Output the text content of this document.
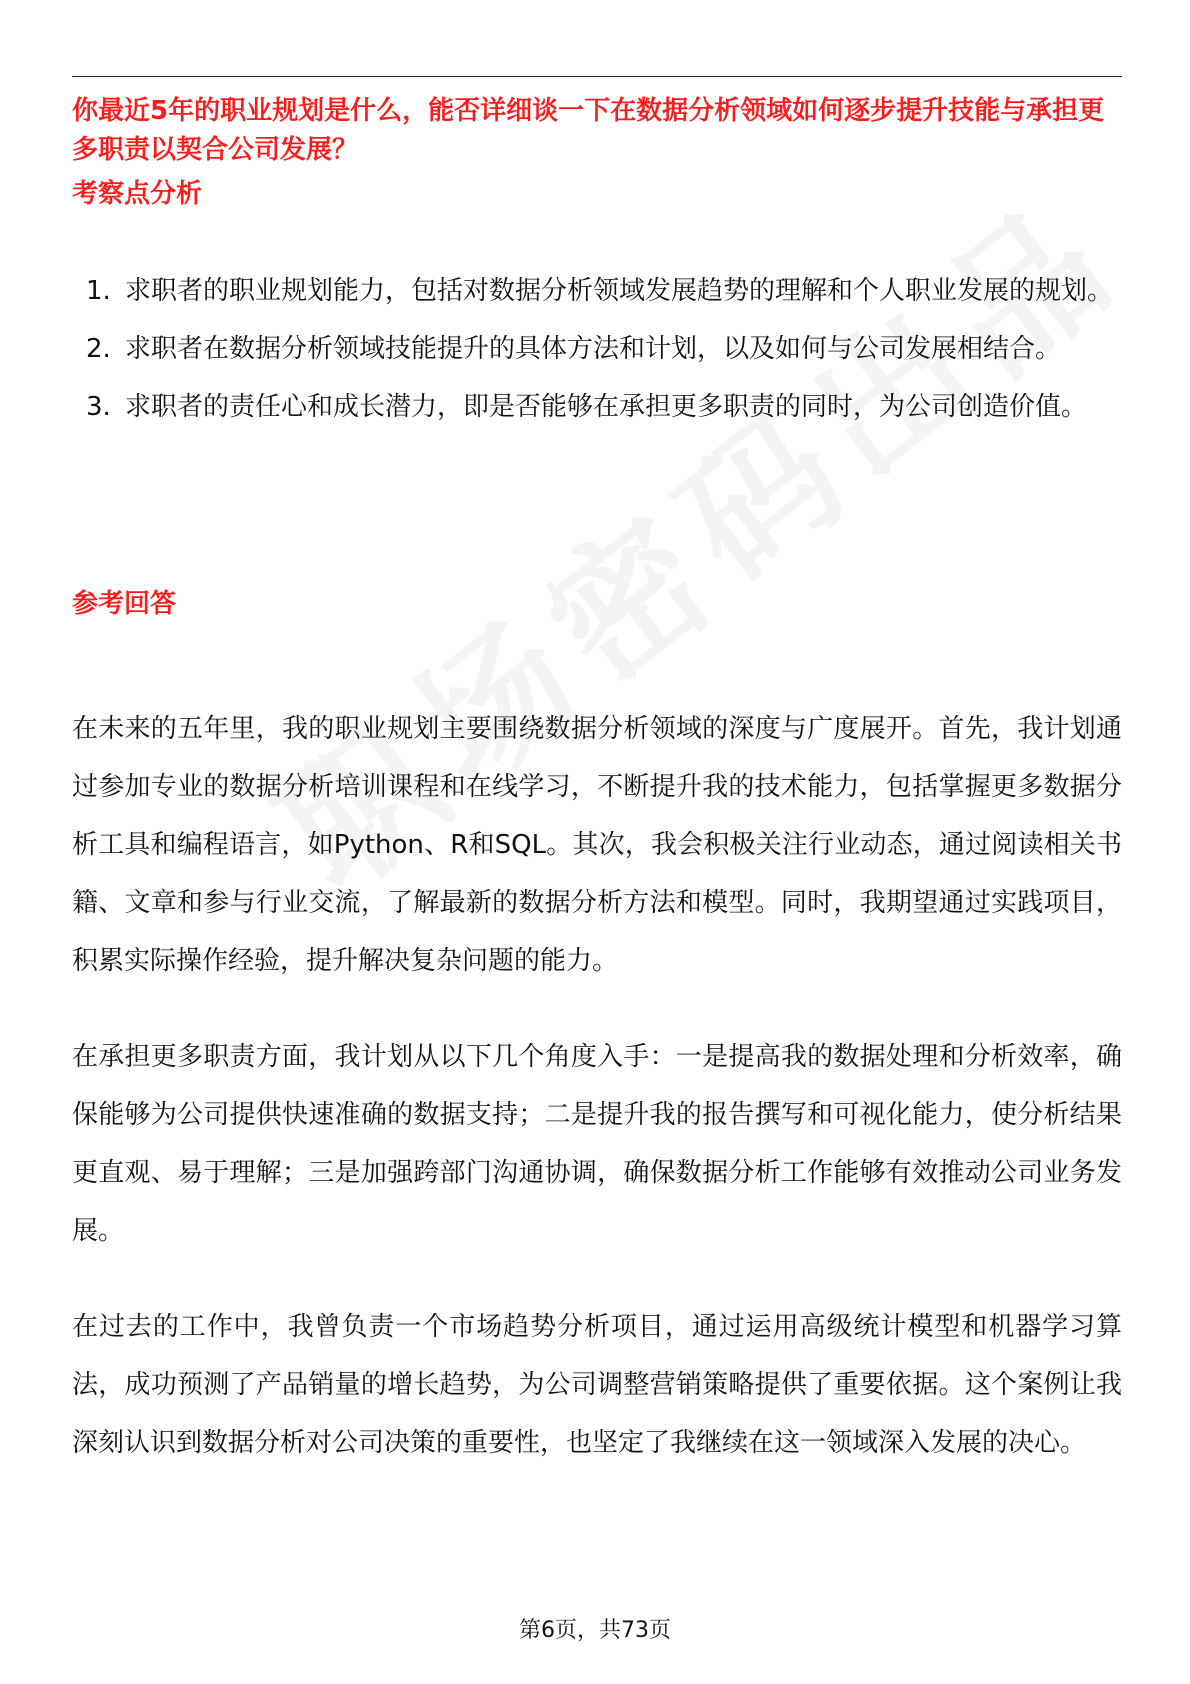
你最近5年的职业规划是什么，能否详细谈一下在数据分析领域如何逐步提升技能与承担更多职责以契合公司发展？
考察点分析
1. 求职者的职业规划能力，包括对数据分析领域发展趋势的理解和个人职业发展的规划。
2. 求职者在数据分析领域技能提升的具体方法和计划，以及如何与公司发展相结合。
3. 求职者的责任心和成长潜力，即是否能够在承担更多职责的同时，为公司创造价值。
参考回答

在未来的五年里，我的职业规划主要围绕数据分析领域的深度与广度展开。首先，我计划通过参加专业的数据分析培训课程和在线学习，不断提升我的技术能力，包括掌握更多数据分析工具和编程语言，如Python、R和SQL。其次，我会积极关注行业动态，通过阅读相关书籍、文章和参与行业交流，了解最新的数据分析方法和模型。同时，我期望通过实践项目，积累实际操作经验，提升解决复杂问题的能力。

在承担更多职责方面，我计划从以下几个角度入手：一是提高我的数据处理和分析效率，确保能够为公司提供快速准确的数据支持；二是提升我的报告撰写和可视化能力，使分析结果更直观、易于理解；三是加强跨部门沟通协调，确保数据分析工作能够有效推动公司业务发展。

在过去的工作中，我曾负责一个市场趋势分析项目，通过运用高级统计模型和机器学习算法，成功预测了产品销量的增长趋势，为公司调整营销策略提供了重要依据。这个案例让我深刻认识到数据分析对公司决策的重要性，也坚定了我继续在这一领域深入发展的决心。

第6页，共73页
